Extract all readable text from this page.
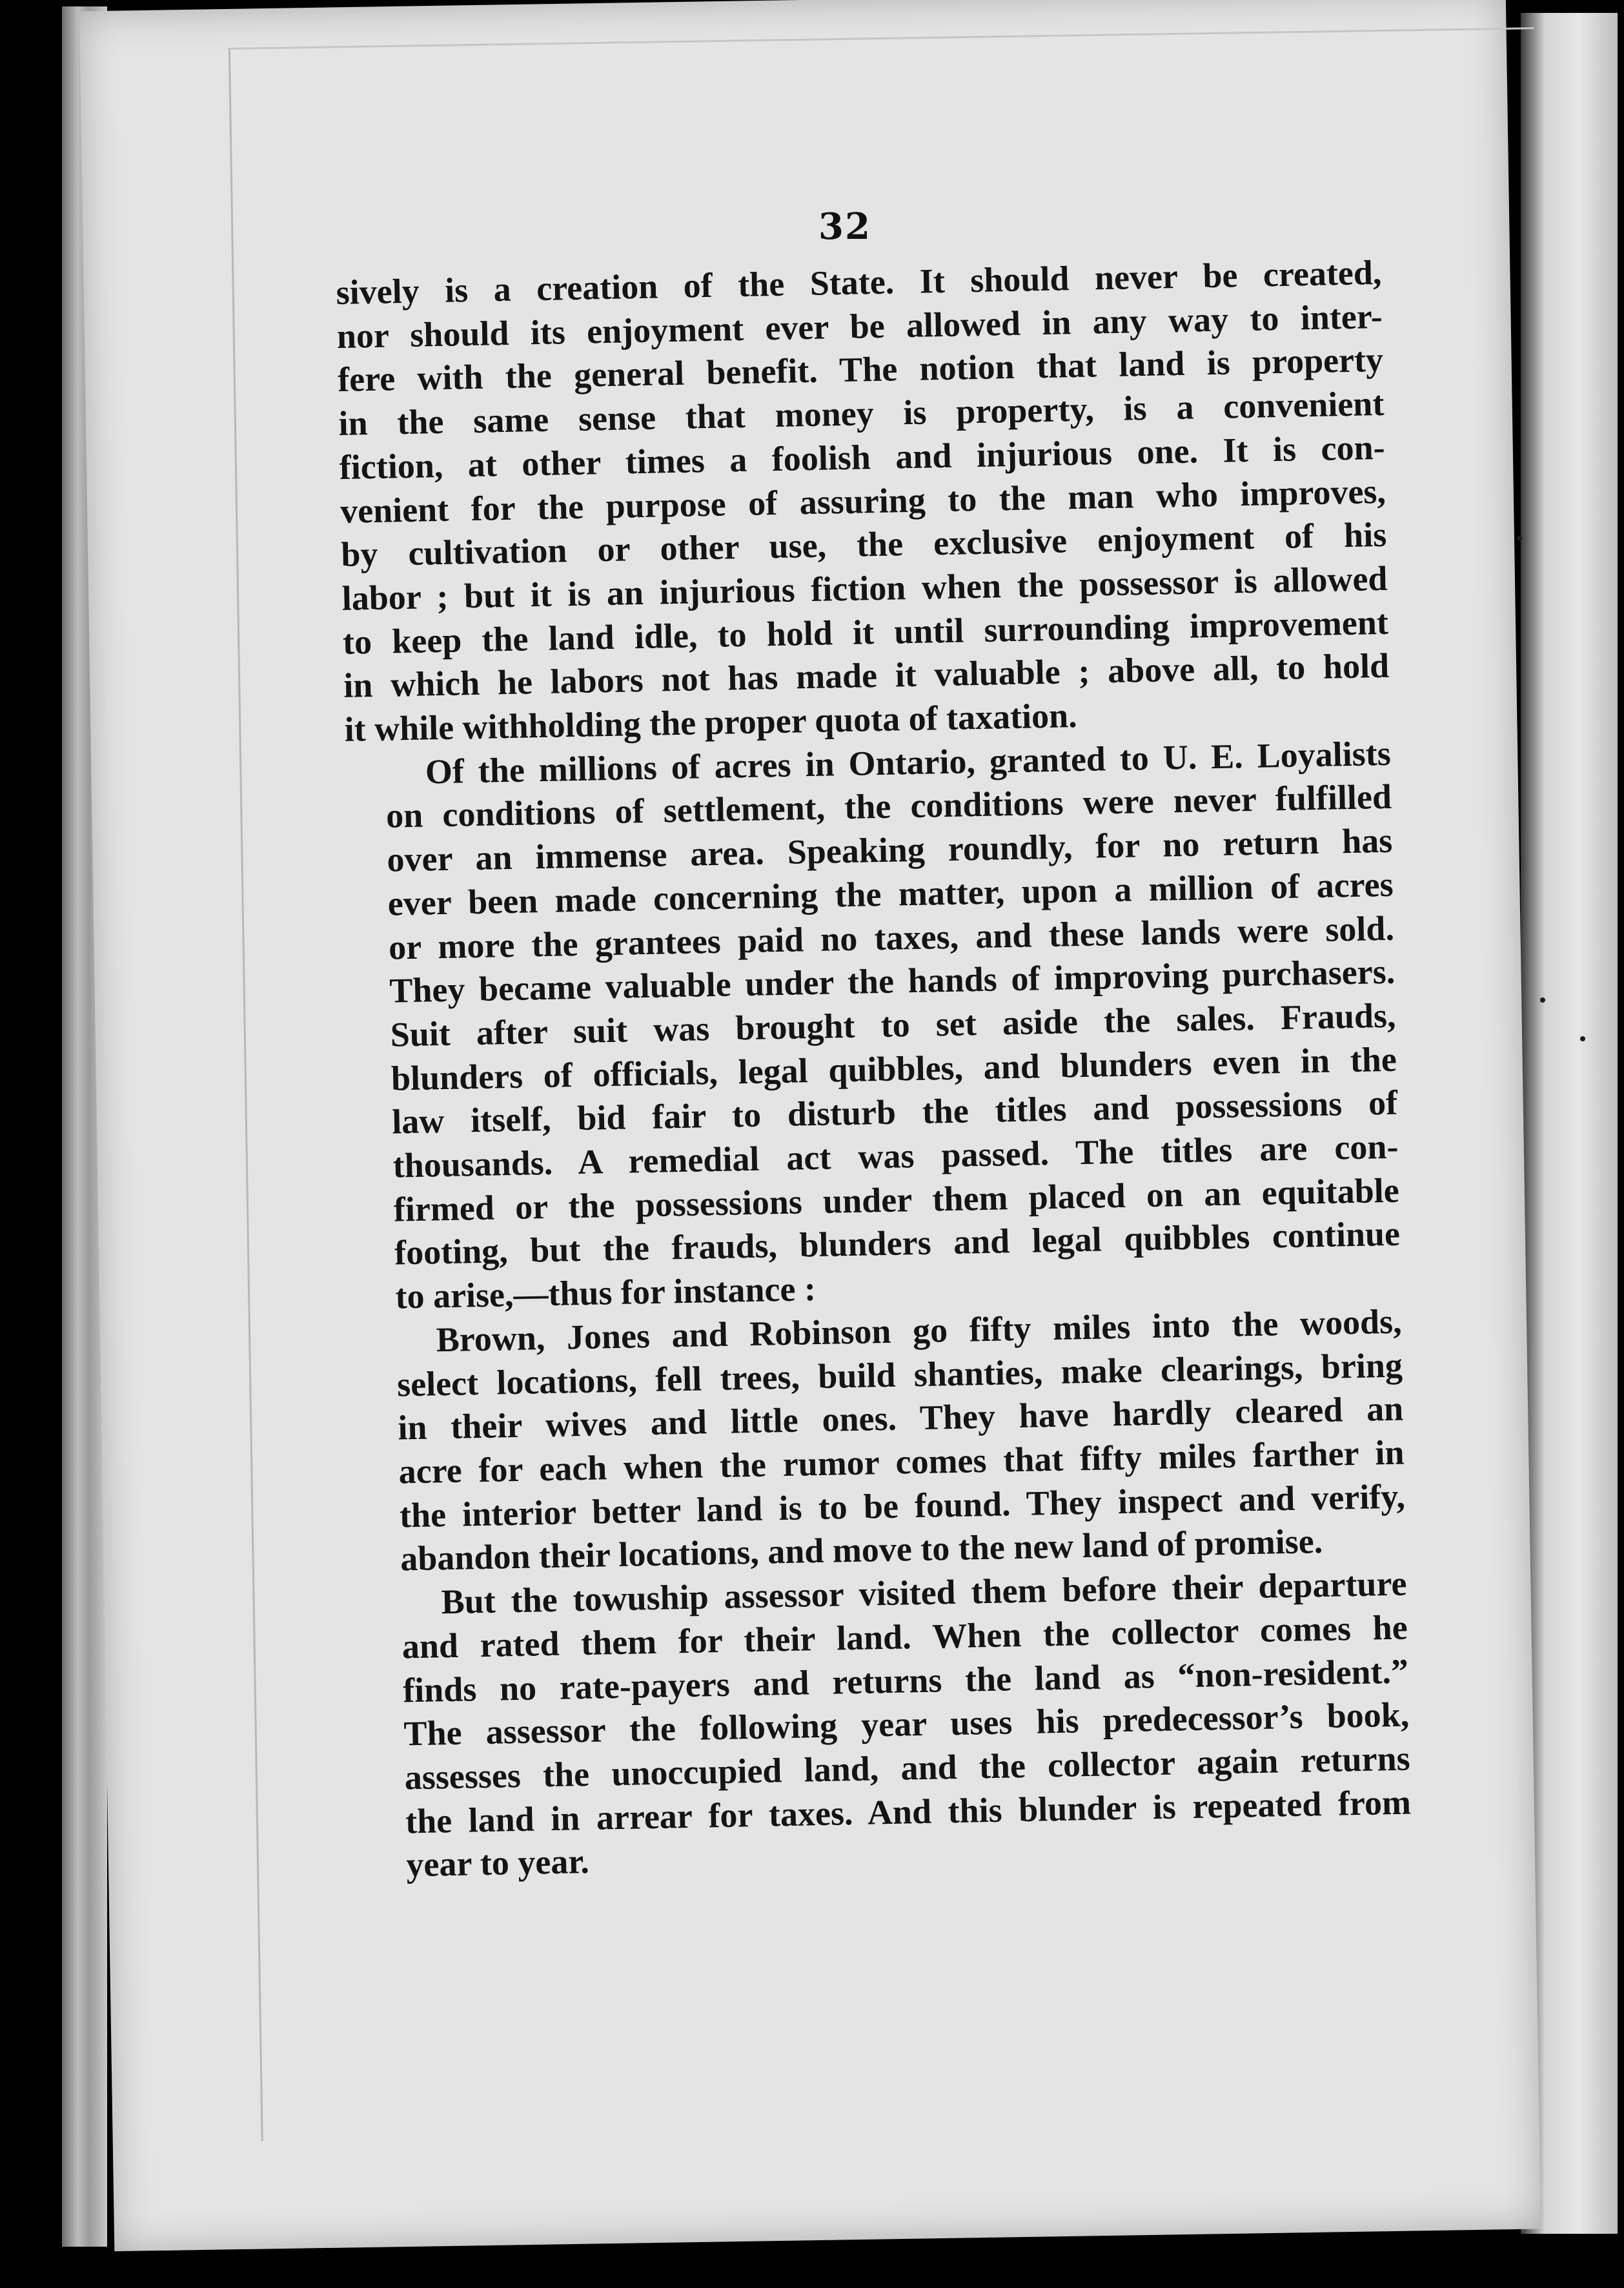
32
sively is a creation of the State. It should never be created,
nor should its enjoyment ever be allowed in any way to inter-
fere with the general benefit. The notion that land is property
in the same sense that money is property, is a convenient
fiction, at other times a foolish and injurious one. It is con-
venient for the purpose of assuring to the man who improves,
by cultivation or other use, the exclusive enjoyment of his
labor ; but it is an injurious fiction when the possessor is allowed
to keep the land idle, to hold it until surrounding improvement
in which he labors not has made it valuable ; above all, to hold
it while withholding the proper quota of taxation.
Of the millions of acres in Ontario, granted to U. E. Loyalists
on conditions of settlement, the conditions were never fulfilled
over an immense area. Speaking roundly, for no return has
ever been made concerning the matter, upon a million of acres
or more the grantees paid no taxes, and these lands were sold.
They became valuable under the hands of improving purchasers.
Suit after suit was brought to set aside the sales. Frauds,
blunders of officials, legal quibbles, and blunders even in the
law itself, bid fair to disturb the titles and possessions of
thousands. A remedial act was passed. The titles are con-
firmed or the possessions under them placed on an equitable
footing, but the frauds, blunders and legal quibbles continue
to arise,—thus for instance :
Brown, Jones and Robinson go fifty miles into the woods,
select locations, fell trees, build shanties, make clearings, bring
in their wives and little ones. They have hardly cleared an
acre for each when the rumor comes that fifty miles farther in
the interior better land is to be found. They inspect and verify,
abandon their locations, and move to the new land of promise.
But the towuship assessor visited them before their departure
and rated them for their land. When the collector comes he
finds no rate-payers and returns the land as “non-resident.”
The assessor the following year uses his predecessor’s book,
assesses the unoccupied land, and the collector again returns
the land in arrear for taxes. And this blunder is repeated from
year to year.
